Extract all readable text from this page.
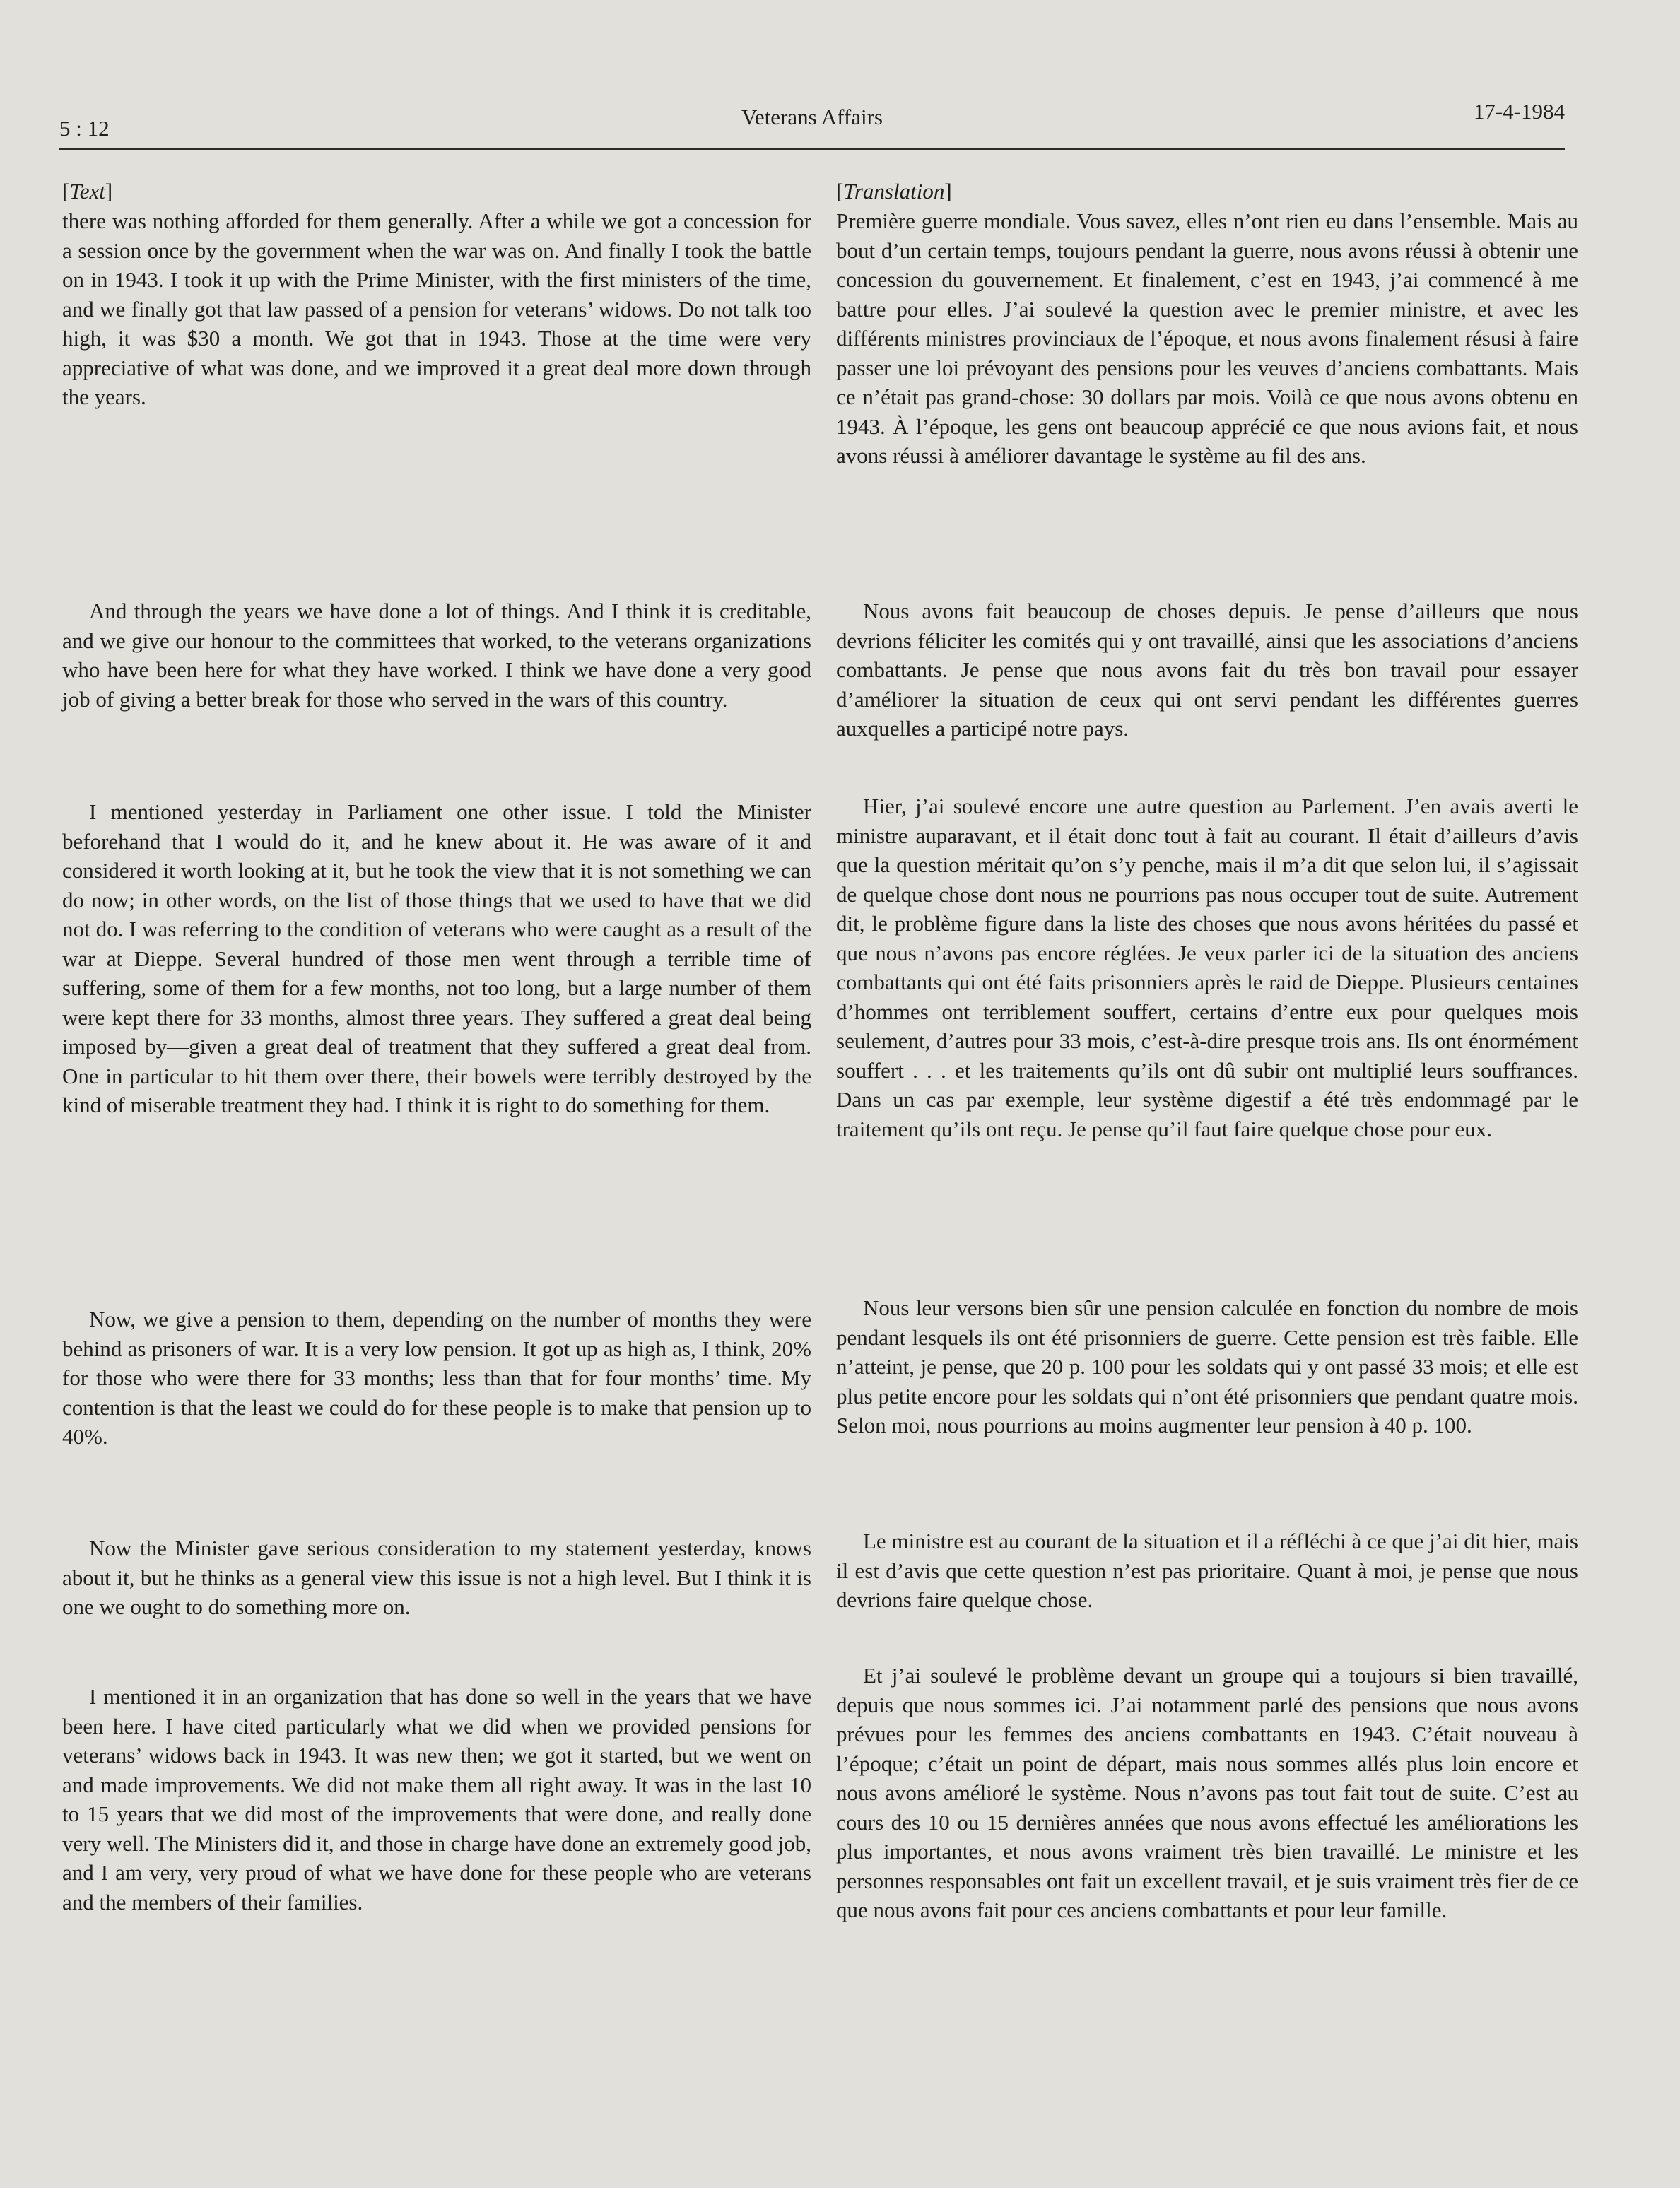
5 : 12	Veterans Affairs	17-4-1984
[Text]

there was nothing afforded for them generally. After a while we got a concession for a session once by the government when the war was on. And finally I took the battle on in 1943. I took it up with the Prime Minister, with the first ministers of the time, and we finally got that law passed of a pension for veterans’ widows. Do not talk too high, it was $30 a month. We got that in 1943. Those at the time were very appreciative of what was done, and we improved it a great deal more down through the years.

And through the years we have done a lot of things. And I think it is creditable, and we give our honour to the committees that worked, to the veterans organizations who have been here for what they have worked. I think we have done a very good job of giving a better break for those who served in the wars of this country.

I mentioned yesterday in Parliament one other issue. I told the Minister beforehand that I would do it, and he knew about it. He was aware of it and considered it worth looking at it, but he took the view that it is not something we can do now; in other words, on the list of those things that we used to have that we did not do. I was referring to the condition of veterans who were caught as a result of the war at Dieppe. Several hundred of those men went through a terrible time of suffering, some of them for a few months, not too long, but a large number of them were kept there for 33 months, almost three years. They suffered a great deal being imposed by—given a great deal of treatment that they suffered a great deal from. One in particular to hit them over there, their bowels were terribly destroyed by the kind of miserable treatment they had. I think it is right to do something for them.

Now, we give a pension to them, depending on the number of months they were behind as prisoners of war. It is a very low pension. It got up as high as, I think, 20% for those who were there for 33 months; less than that for four months’ time. My contention is that the least we could do for these people is to make that pension up to 40%.

Now the Minister gave serious consideration to my statement yesterday, knows about it, but he thinks as a general view this issue is not a high level. But I think it is one we ought to do something more on.

I mentioned it in an organization that has done so well in the years that we have been here. I have cited particularly what we did when we provided pensions for veterans’ widows back in 1943. It was new then; we got it started, but we went on and made improvements. We did not make them all right away. It was in the last 10 to 15 years that we did most of the improvements that were done, and really done very well. The Ministers did it, and those in charge have done an extremely good job, and I am very, very proud of what we have done for these people who are veterans and the members of their families.

[Translation]

Première guerre mondiale. Vous savez, elles n’ont rien eu dans l’ensemble. Mais au bout d’un certain temps, toujours pendant la guerre, nous avons réussi à obtenir une concession du gouvernement. Et finalement, c’est en 1943, j’ai commencé à me battre pour elles. J’ai soulevé la question avec le premier ministre, et avec les différents ministres provinciaux de l’époque, et nous avons finalement résusi à faire passer une loi prévoyant des pensions pour les veuves d’anciens combattants. Mais ce n’était pas grand-chose: 30 dollars par mois. Voilà ce que nous avons obtenu en 1943. À l’époque, les gens ont beaucoup apprécié ce que nous avions fait, et nous avons réussi à améliorer davantage le système au fil des ans.

Nous avons fait beaucoup de choses depuis. Je pense d’ailleurs que nous devrions féliciter les comités qui y ont travaillé, ainsi que les associations d’anciens combattants. Je pense que nous avons fait du très bon travail pour essayer d’améliorer la situation de ceux qui ont servi pendant les différentes guerres auxquelles a participé notre pays.

Hier, j’ai soulevé encore une autre question au Parlement. J’en avais averti le ministre auparavant, et il était donc tout à fait au courant. Il était d’ailleurs d’avis que la question méritait qu’on s’y penche, mais il m’a dit que selon lui, il s’agissait de quelque chose dont nous ne pourrions pas nous occuper tout de suite. Autrement dit, le problème figure dans la liste des choses que nous avons héritées du passé et que nous n’avons pas encore réglées. Je veux parler ici de la situation des anciens combattants qui ont été faits prisonniers après le raid de Dieppe. Plusieurs centaines d’hommes ont terriblement souffert, certains d’entre eux pour quelques mois seulement, d’autres pour 33 mois, c’est-à-dire presque trois ans. Ils ont énormément souffert . . . et les traitements qu’ils ont dû subir ont multiplié leurs souffrances. Dans un cas par exemple, leur système digestif a été très endommagé par le traitement qu’ils ont reçu. Je pense qu’il faut faire quelque chose pour eux.

Nous leur versons bien sûr une pension calculée en fonction du nombre de mois pendant lesquels ils ont été prisonniers de guerre. Cette pension est très faible. Elle n’atteint, je pense, que 20 p. 100 pour les soldats qui y ont passé 33 mois; et elle est plus petite encore pour les soldats qui n’ont été prisonniers que pendant quatre mois. Selon moi, nous pourrions au moins augmenter leur pension à 40 p. 100.

Le ministre est au courant de la situation et il a réfléchi à ce que j’ai dit hier, mais il est d’avis que cette question n’est pas prioritaire. Quant à moi, je pense que nous devrions faire quelque chose.

Et j’ai soulevé le problème devant un groupe qui a toujours si bien travaillé, depuis que nous sommes ici. J’ai notamment parlé des pensions que nous avons prévues pour les femmes des anciens combattants en 1943. C’était nouveau à l’époque; c’était un point de départ, mais nous sommes allés plus loin encore et nous avons amélioré le système. Nous n’avons pas tout fait tout de suite. C’est au cours des 10 ou 15 dernières années que nous avons effectué les améliorations les plus importantes, et nous avons vraiment très bien travaillé. Le ministre et les personnes responsables ont fait un excellent travail, et je suis vraiment très fier de ce que nous avons fait pour ces anciens combattants et pour leur famille.
